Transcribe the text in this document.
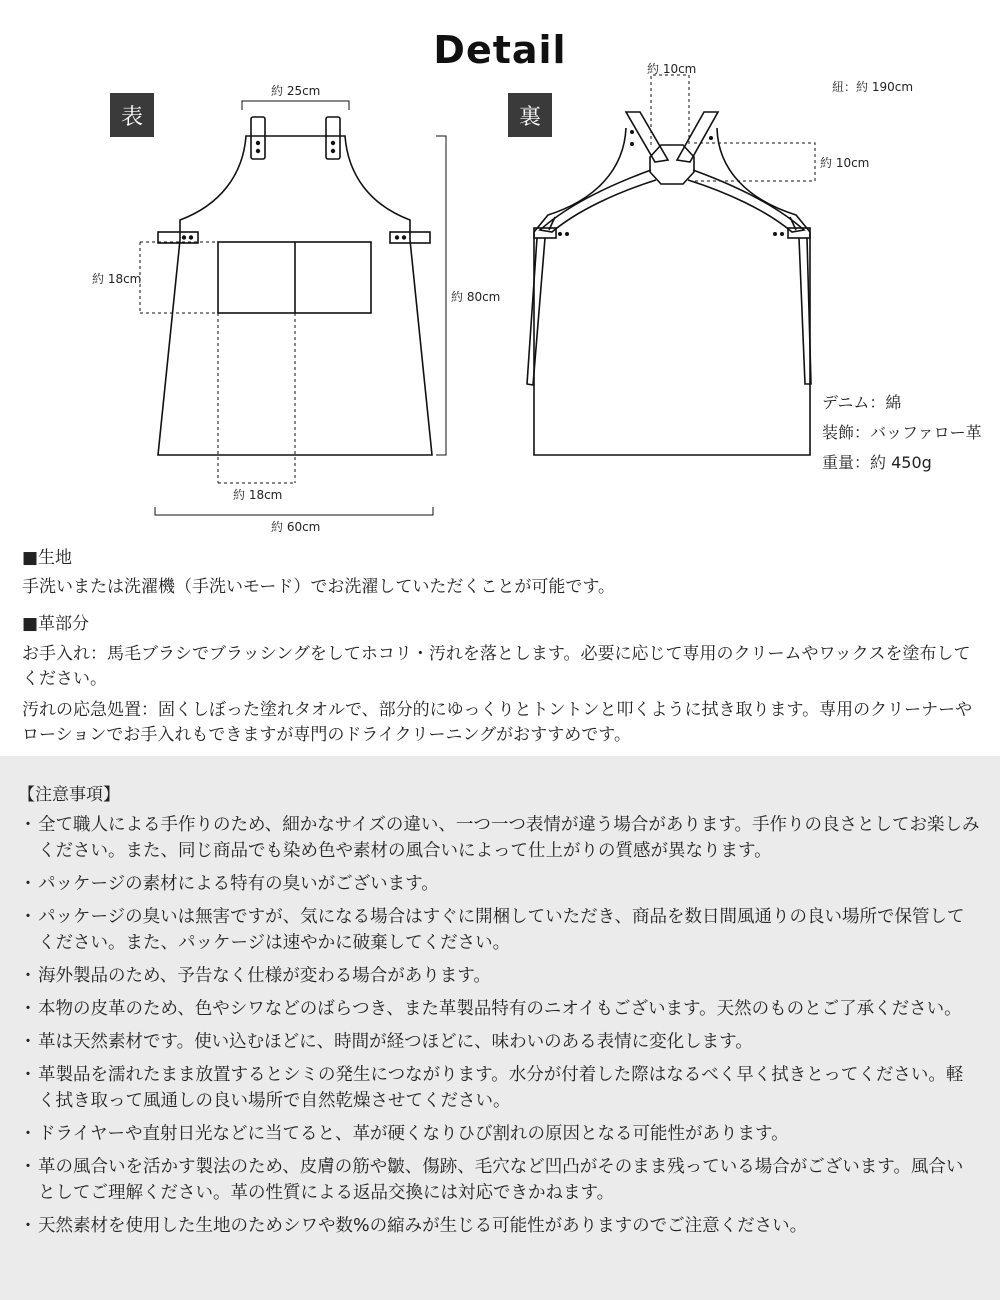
Detail
表	裏
約 25cm
約 18cm
約 80cm
約 18cm
約 60cm
約 10cm
紐：約 190cm
約 10cm
デニム：綿
装飾：バッファロー革
重量：約 450g
■生地
手洗いまたは洗濯機（手洗いモード）でお洗濯していただくことが可能です。
■革部分
お手入れ：馬毛ブラシでブラッシングをしてホコリ・汚れを落とします。必要に応じて専用のクリームやワックスを塗布してください。
汚れの応急処置：固くしぼった塗れタオルで、部分的にゆっくりとトントンと叩くように拭き取ります。専用のクリーナーやローションでお手入れもできますが専門のドライクリーニングがおすすめです。
【注意事項】
・ 全て職人による手作りのため、細かなサイズの違い、一つ一つ表情が違う場合があります。手作りの良さとしてお楽しみください。また、同じ商品でも染め色や素材の風合いによって仕上がりの質感が異なります。
・ パッケージの素材による特有の臭いがございます。
・ パッケージの臭いは無害ですが、気になる場合はすぐに開梱していただき、商品を数日間風通りの良い場所で保管してください。また、パッケージは速やかに破棄してください。
・ 海外製品のため、予告なく仕様が変わる場合があります。
・ 本物の皮革のため、色やシワなどのばらつき、また革製品特有のニオイもございます。天然のものとご了承ください。
・ 革は天然素材です。使い込むほどに、時間が経つほどに、味わいのある表情に変化します。
・ 革製品を濡れたまま放置するとシミの発生につながります。水分が付着した際はなるべく早く拭きとってください。軽く拭き取って風通しの良い場所で自然乾燥させてください。
・ ドライヤーや直射日光などに当てると、革が硬くなりひび割れの原因となる可能性があります。
・ 革の風合いを活かす製法のため、皮膚の筋や皺、傷跡、毛穴など凹凸がそのまま残っている場合がございます。風合いとしてご理解ください。革の性質による返品交換には対応できかねます。
・ 天然素材を使用した生地のためシワや数%の縮みが生じる可能性がありますのでご注意ください。
